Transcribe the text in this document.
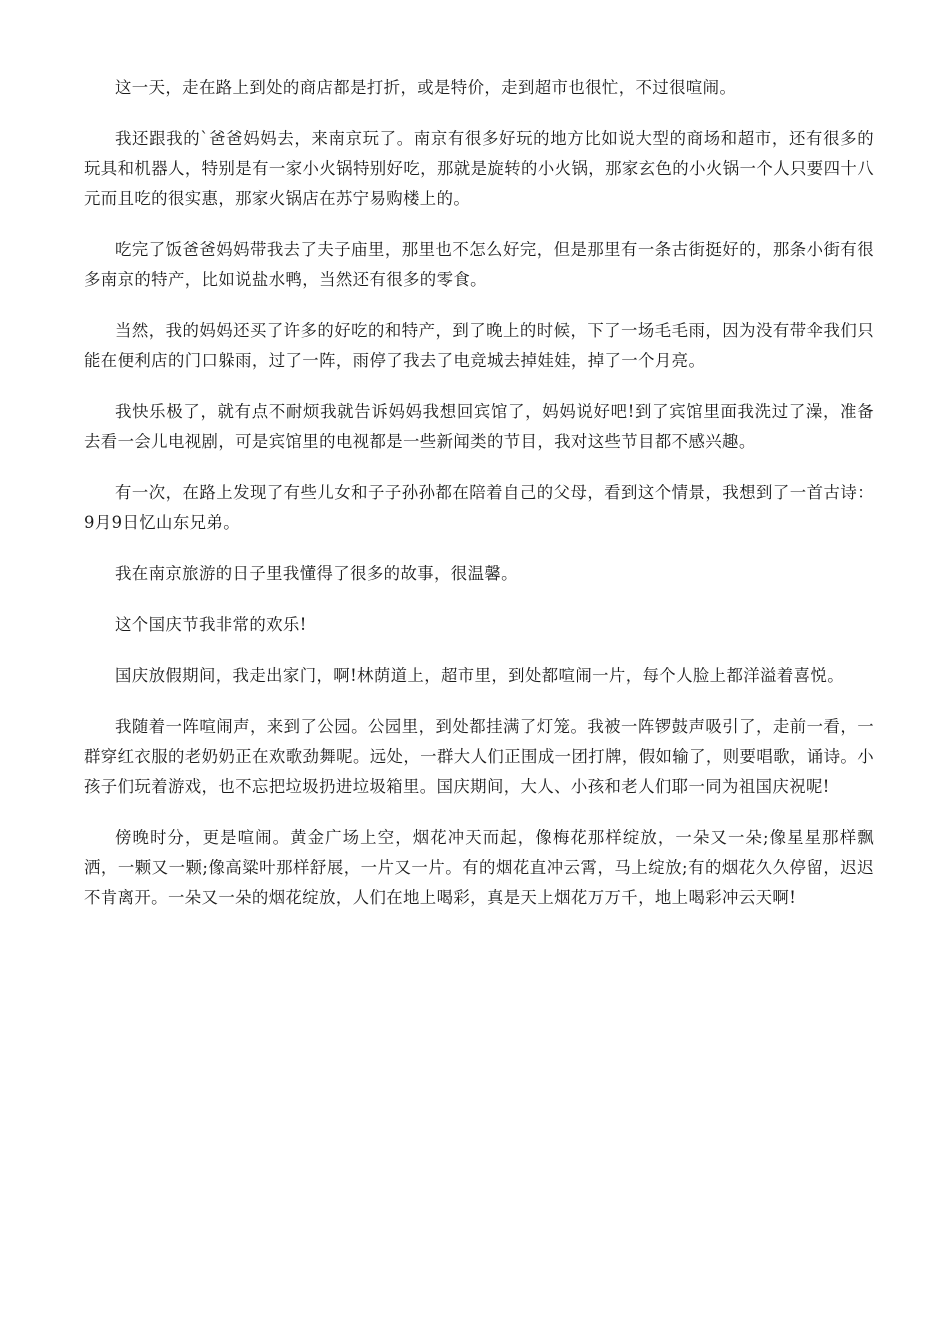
这一天，走在路上到处的商店都是打折，或是特价，走到超市也很忙，不过很喧闹。

我还跟我的`爸爸妈妈去，来南京玩了。南京有很多好玩的地方比如说大型的商场和超市，还有很多的玩具和机器人，特别是有一家小火锅特别好吃，那就是旋转的小火锅，那家玄色的小火锅一个人只要四十八元而且吃的很实惠，那家火锅店在苏宁易购楼上的。

吃完了饭爸爸妈妈带我去了夫子庙里，那里也不怎么好完，但是那里有一条古街挺好的，那条小街有很多南京的特产，比如说盐水鸭，当然还有很多的零食。

当然，我的妈妈还买了许多的好吃的和特产，到了晚上的时候，下了一场毛毛雨，因为没有带伞我们只能在便利店的门口躲雨，过了一阵，雨停了我去了电竞城去掉娃娃，掉了一个月亮。

我快乐极了，就有点不耐烦我就告诉妈妈我想回宾馆了，妈妈说好吧!到了宾馆里面我洗过了澡，准备去看一会儿电视剧，可是宾馆里的电视都是一些新闻类的节目，我对这些节目都不感兴趣。

有一次，在路上发现了有些儿女和子子孙孙都在陪着自己的父母，看到这个情景，我想到了一首古诗：9月9日忆山东兄弟。

我在南京旅游的日子里我懂得了很多的故事，很温馨。

这个国庆节我非常的欢乐!

国庆放假期间，我走出家门，啊!林荫道上，超市里，到处都喧闹一片，每个人脸上都洋溢着喜悦。

我随着一阵喧闹声，来到了公园。公园里，到处都挂满了灯笼。我被一阵锣鼓声吸引了，走前一看，一群穿红衣服的老奶奶正在欢歌劲舞呢。远处，一群大人们正围成一团打牌，假如输了，则要唱歌，诵诗。小孩子们玩着游戏，也不忘把垃圾扔进垃圾箱里。国庆期间，大人、小孩和老人们耶一同为祖国庆祝呢!

傍晚时分，更是喧闹。黄金广场上空，烟花冲天而起，像梅花那样绽放，一朵又一朵;像星星那样飘洒，一颗又一颗;像高粱叶那样舒展，一片又一片。有的烟花直冲云霄，马上绽放;有的烟花久久停留，迟迟不肯离开。一朵又一朵的烟花绽放，人们在地上喝彩，真是天上烟花万万千，地上喝彩冲云天啊!
